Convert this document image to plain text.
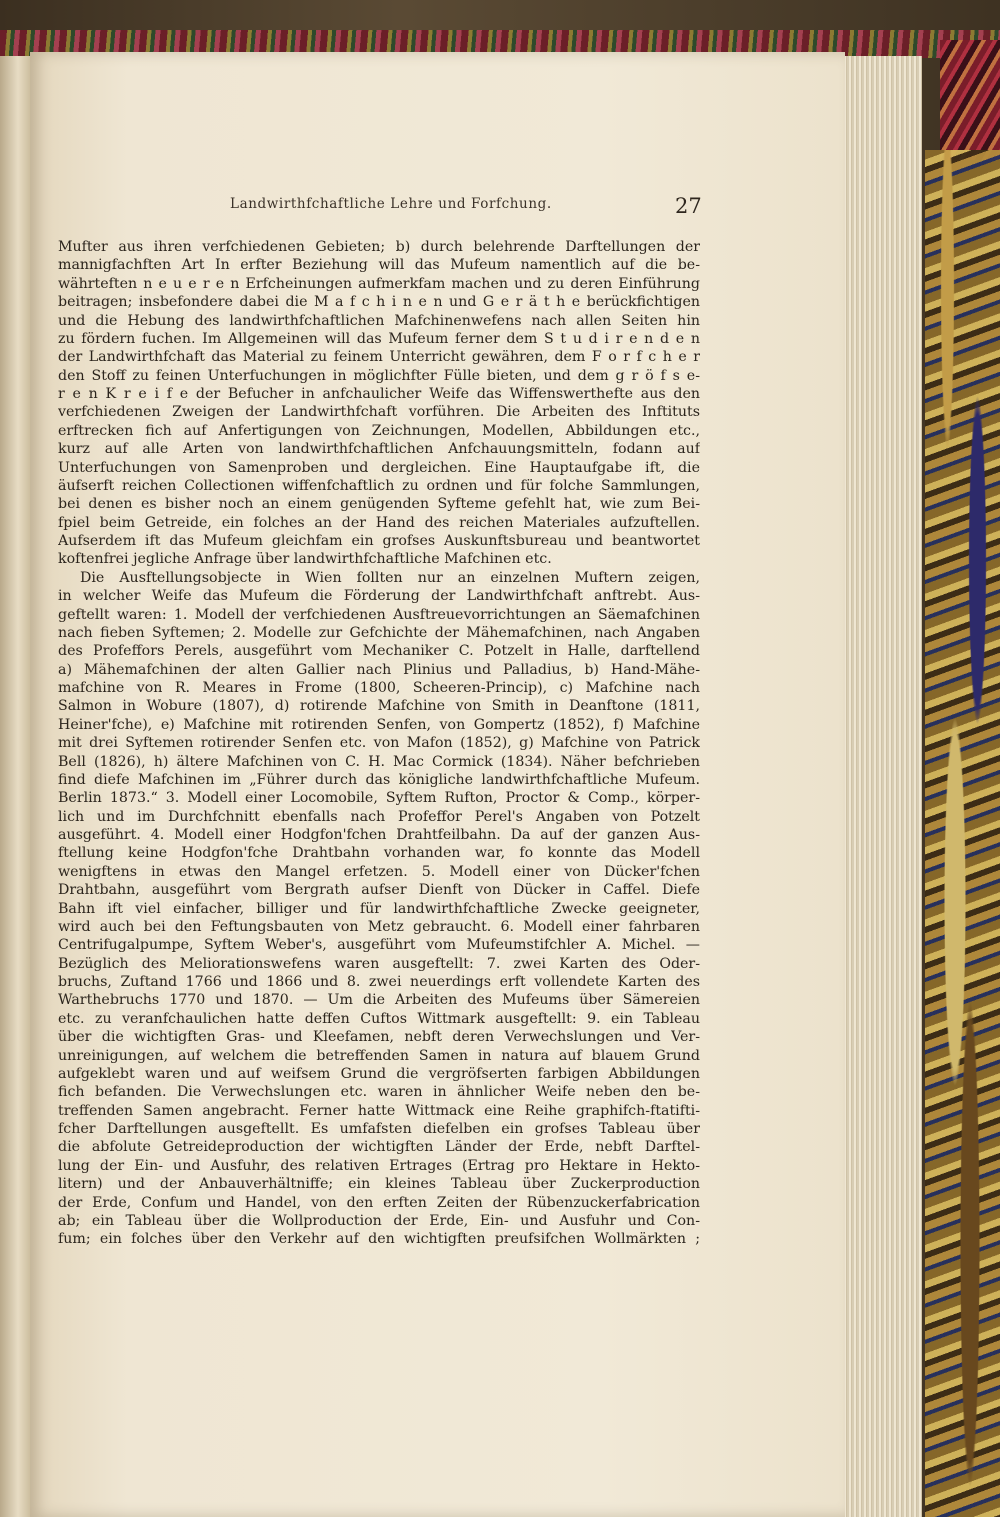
Landwirthfchaftliche Lehre und Forfchung.	27
Mufter aus ihren verfchiedenen Gebieten; b) durch belehrende Darftellungen der
mannigfachften Art In erfter Beziehung will das Mufeum namentlich auf die be-
währteften n e u e r e n Erfcheinungen aufmerkfam machen und zu deren Einführung
beitragen; insbefondere dabei die M a f c h i n e n und G e r ä t h e berückfichtigen
und die Hebung des landwirthfchaftlichen Mafchinenwefens nach allen Seiten hin
zu fördern fuchen. Im Allgemeinen will das Mufeum ferner dem S t u d i r e n d e n
der Landwirthfchaft das Material zu feinem Unterricht gewähren, dem F o r f c h e r
den Stoff zu feinen Unterfuchungen in möglichfter Fülle bieten, und dem g r ö f s e-
r e n K r e i f e der Befucher in anfchaulicher Weife das Wiffenswerthefte aus den
verfchiedenen Zweigen der Landwirthfchaft vorführen. Die Arbeiten des Inftituts
erftrecken fich auf Anfertigungen von Zeichnungen, Modellen, Abbildungen etc.,
kurz auf alle Arten von landwirthfchaftlichen Anfchauungsmitteln, fodann auf
Unterfuchungen von Samenproben und dergleichen. Eine Hauptaufgabe ift, die
äufserft reichen Collectionen wiffenfchaftlich zu ordnen und für folche Sammlungen,
bei denen es bisher noch an einem genügenden Syfteme gefehlt hat, wie zum Bei-
fpiel beim Getreide, ein folches an der Hand des reichen Materiales aufzuftellen.
Aufserdem ift das Mufeum gleichfam ein grofses Auskunftsbureau und beantwortet
koftenfrei jegliche Anfrage über landwirthfchaftliche Mafchinen etc.
Die Ausftellungsobjecte in Wien follten nur an einzelnen Muftern zeigen,
in welcher Weife das Mufeum die Förderung der Landwirthfchaft anftrebt. Aus-
geftellt waren: 1. Modell der verfchiedenen Ausftreuevorrichtungen an Säemafchinen
nach fieben Syftemen; 2. Modelle zur Gefchichte der Mähemafchinen, nach Angaben
des Profeffors Perels, ausgeführt vom Mechaniker C. Potzelt in Halle, darftellend
a) Mähemafchinen der alten Gallier nach Plinius und Palladius, b) Hand-Mähe-
mafchine von R. Meares in Frome (1800, Scheeren-Princip), c) Mafchine nach
Salmon in Wobure (1807), d) rotirende Mafchine von Smith in Deanftone (1811,
Heiner'fche), e) Mafchine mit rotirenden Senfen, von Gompertz (1852), f) Mafchine
mit drei Syftemen rotirender Senfen etc. von Mafon (1852), g) Mafchine von Patrick
Bell (1826), h) ältere Mafchinen von C. H. Mac Cormick (1834). Näher befchrieben
find diefe Mafchinen im „Führer durch das königliche landwirthfchaftliche Mufeum.
Berlin 1873.“ 3. Modell einer Locomobile, Syftem Rufton, Proctor & Comp., körper-
lich und im Durchfchnitt ebenfalls nach Profeffor Perel's Angaben von Potzelt
ausgeführt. 4. Modell einer Hodgfon'fchen Drahtfeilbahn. Da auf der ganzen Aus-
ftellung keine Hodgfon'fche Drahtbahn vorhanden war, fo konnte das Modell
wenigftens in etwas den Mangel erfetzen. 5. Modell einer von Dücker'fchen
Drahtbahn, ausgeführt vom Bergrath aufser Dienft von Dücker in Caffel. Diefe
Bahn ift viel einfacher, billiger und für landwirthfchaftliche Zwecke geeigneter,
wird auch bei den Feftungsbauten von Metz gebraucht. 6. Modell einer fahrbaren
Centrifugalpumpe, Syftem Weber's, ausgeführt vom Mufeumstifchler A. Michel. —
Bezüglich des Meliorationswefens waren ausgeftellt: 7. zwei Karten des Oder-
bruchs, Zuftand 1766 und 1866 und 8. zwei neuerdings erft vollendete Karten des
Warthebruchs 1770 und 1870. — Um die Arbeiten des Mufeums über Sämereien
etc. zu veranfchaulichen hatte deffen Cuftos Wittmark ausgeftellt: 9. ein Tableau
über die wichtigften Gras- und Kleefamen, nebft deren Verwechslungen und Ver-
unreinigungen, auf welchem die betreffenden Samen in natura auf blauem Grund
aufgeklebt waren und auf weifsem Grund die vergröfserten farbigen Abbildungen
fich befanden. Die Verwechslungen etc. waren in ähnlicher Weife neben den be-
treffenden Samen angebracht. Ferner hatte Wittmack eine Reihe graphifch-ftatifti-
fcher Darftellungen ausgeftellt. Es umfafsten diefelben ein grofses Tableau über
die abfolute Getreideproduction der wichtigften Länder der Erde, nebft Darftel-
lung der Ein- und Ausfuhr, des relativen Ertrages (Ertrag pro Hektare in Hekto-
litern) und der Anbauverhältniffe; ein kleines Tableau über Zuckerproduction
der Erde, Confum und Handel, von den erften Zeiten der Rübenzuckerfabrication
ab; ein Tableau über die Wollproduction der Erde, Ein- und Ausfuhr und Con-
fum; ein folches über den Verkehr auf den wichtigften preufsifchen Wollmärkten ;
